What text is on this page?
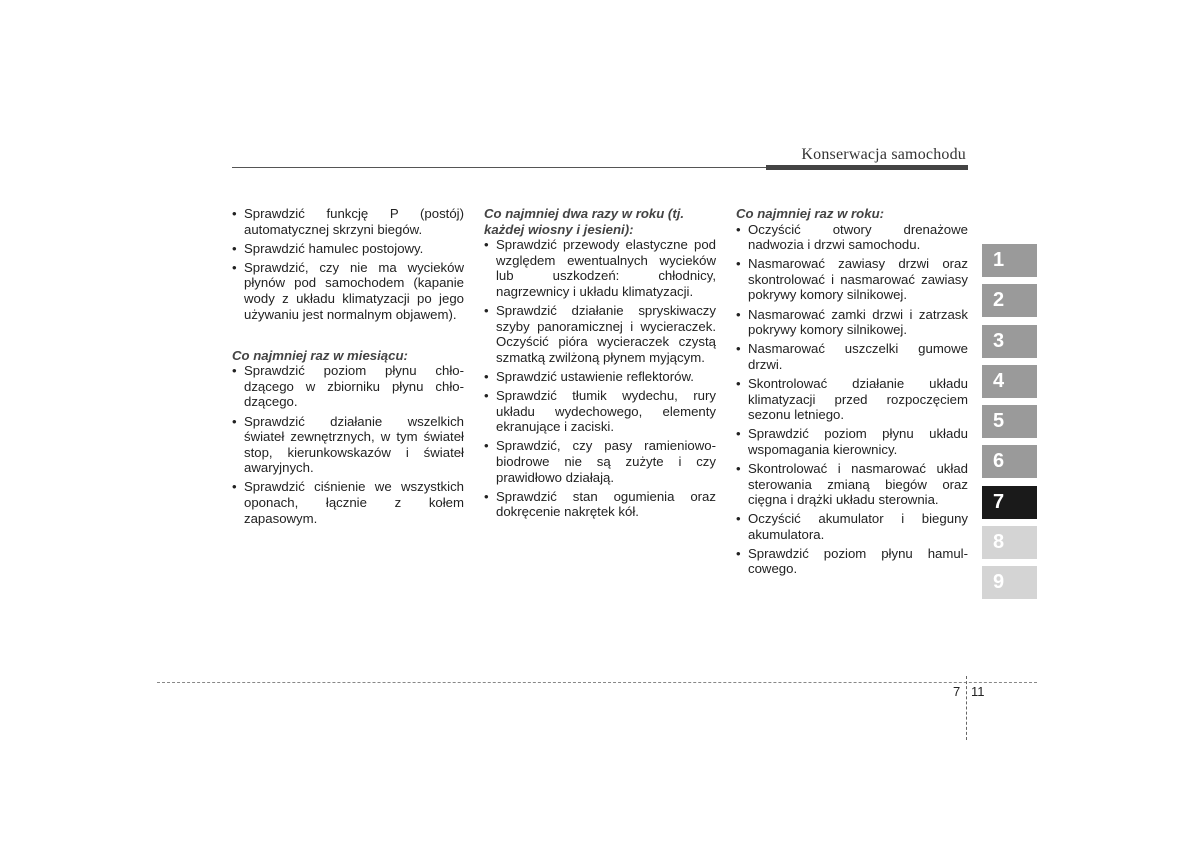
Konserwacja samochodu
• Sprawdzić funkcję P (postój) automatycznej skrzyni biegów.
• Sprawdzić hamulec postojowy.
• Sprawdzić, czy nie ma wycieków płynów pod samochodem (kapanie wody z układu klimatyzacji po jego używaniu jest normalnym objawem).
Co najmniej raz w miesiącu:
• Sprawdzić poziom płynu chło-dzącego w zbiorniku płynu chło-dzącego.
• Sprawdzić działanie wszelkich świateł zewnętrznych, w tym świateł stop, kierunkowskazów i świateł awaryjnych.
• Sprawdzić ciśnienie we wszystkich oponach, łącznie z kołem zapasowym.
Co najmniej dwa razy w roku (tj. każdej wiosny i jesieni):
• Sprawdzić przewody elastyczne pod względem ewentualnych wycieków lub uszkodzeń: chłodnicy, nagrzewnicy i układu klimatyzacji.
• Sprawdzić działanie spryskiwaczy szyby panoramicznej i wycieraczek. Oczyścić pióra wycieraczek czystą szmatką zwilżoną płynem myjącym.
• Sprawdzić ustawienie reflektorów.
• Sprawdzić tłumik wydechu, rury układu wydechowego, elementy ekranujące i zaciski.
• Sprawdzić, czy pasy ramieniowo-biodrowe nie są zużyte i czy prawidłowo działają.
• Sprawdzić stan ogumienia oraz dokręcenie nakrętek kół.
Co najmniej raz w roku:
• Oczyścić otwory drenażowe nadwozia i drzwi samochodu.
• Nasmarować zawiasy drzwi oraz skontrolować i nasmarować zawiasy pokrywy komory silnikowej.
• Nasmarować zamki drzwi i zatrzask pokrywy komory silnikowej.
• Nasmarować uszczelki gumowe drzwi.
• Skontrolować działanie układu klimatyzacji przed rozpoczęciem sezonu letniego.
• Sprawdzić poziom płynu układu wspomagania kierownicy.
• Skontrolować i nasmarować układ sterowania zmianą biegów oraz cięgna i drążki układu sterownia.
• Oczyścić akumulator i bieguny akumulatora.
• Sprawdzić poziom płynu hamul-cowego.
1
2
3
4
5
6
7
8
9
7 11
